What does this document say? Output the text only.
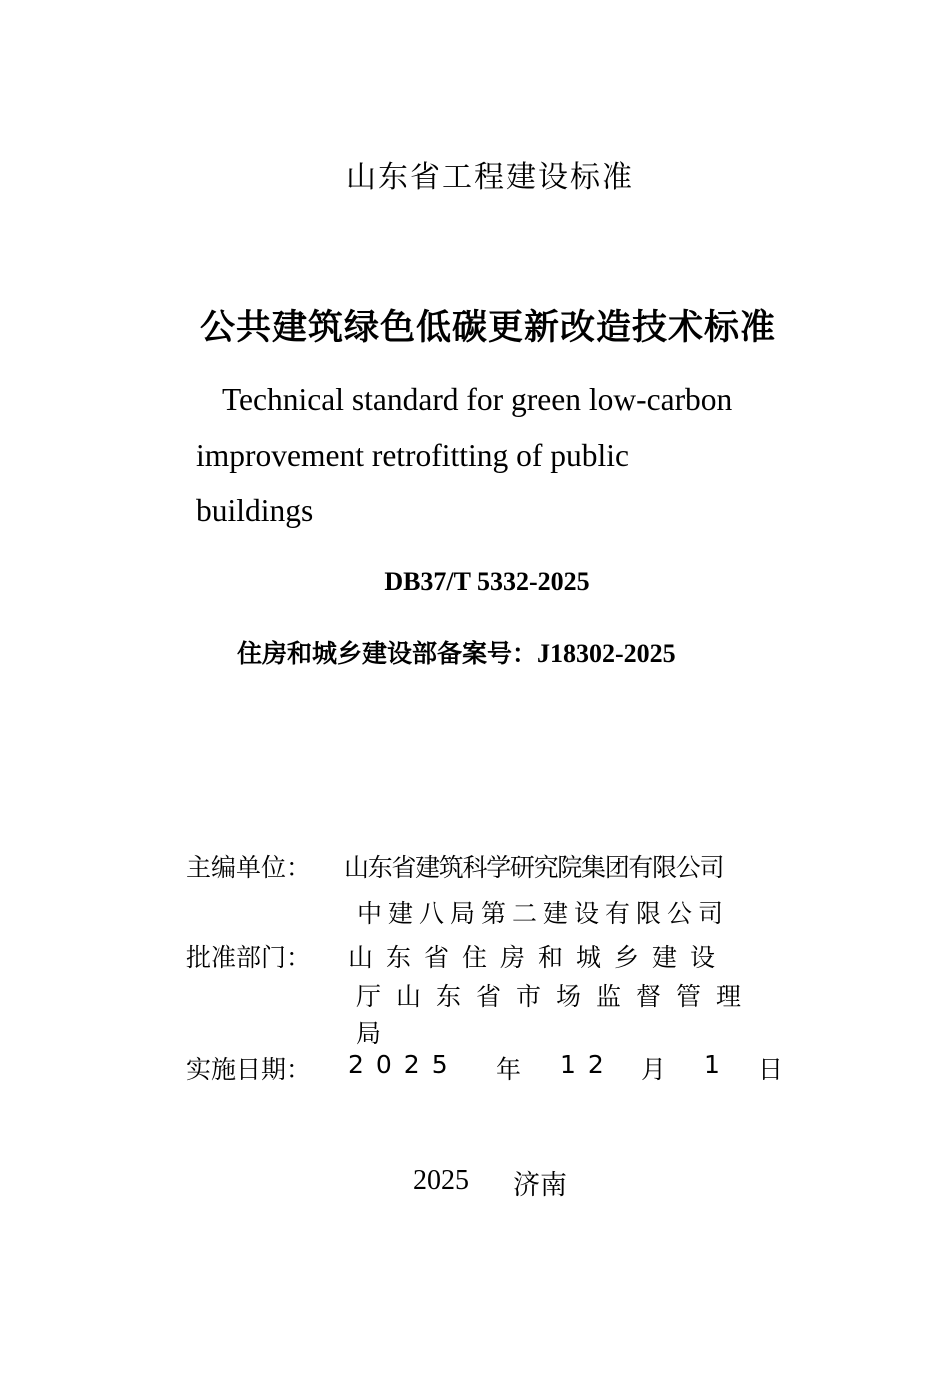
山东省工程建设标准
公共建筑绿色低碳更新改造技术标准
Technical standard for green low-carbon
improvement retrofitting of public
buildings
DB37/T 5332-2025
住房和城乡建设部备案号：J18302-2025
主编单位： 山东省建筑科学研究院集团有限公司
中建八局第二建设有限公司
批准部门： 山东省住房和城乡建设
厅山东省市场监督管理
局
实施日期： 2025 年 12 月 1 日
2025 济南
